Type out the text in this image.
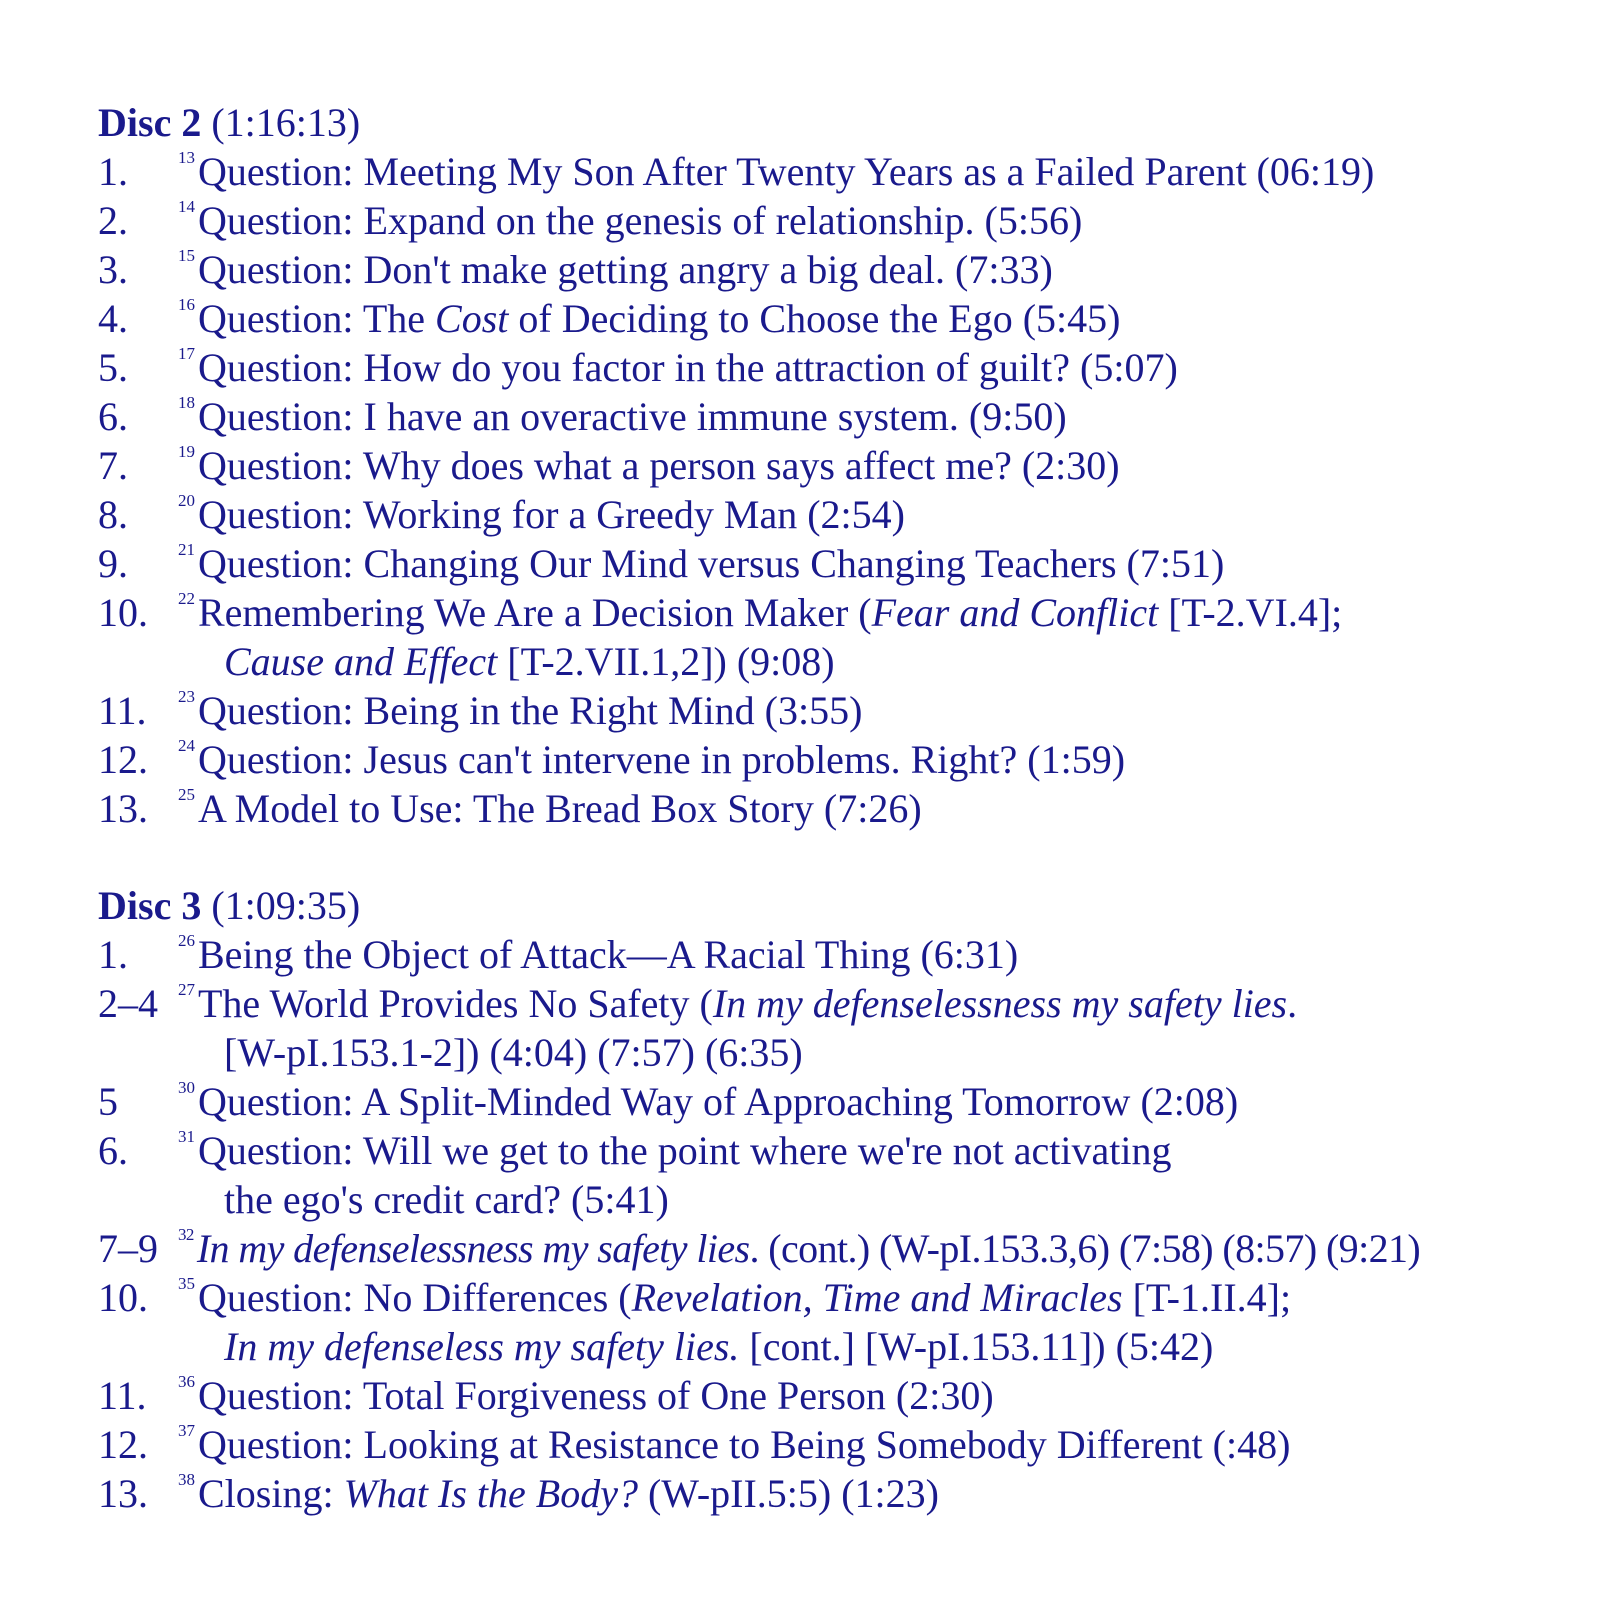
Disc 2 (1:16:13)
1.	$^{13}$Question: Meeting My Son After Twenty Years as a Failed Parent (06:19)
2.	$^{14}$Question: Expand on the genesis of relationship. (5:56)
3.	$^{15}$Question: Don't make getting angry a big deal. (7:33)
4.	$^{16}$Question: The Cost of Deciding to Choose the Ego (5:45)
5.	$^{17}$Question: How do you factor in the attraction of guilt? (5:07)
6.	$^{18}$Question: I have an overactive immune system. (9:50)
7.	$^{19}$Question: Why does what a person says affect me? (2:30)
8.	$^{20}$Question: Working for a Greedy Man (2:54)
9.	$^{21}$Question: Changing Our Mind versus Changing Teachers (7:51)
10.	$^{22}$Remembering We Are a Decision Maker (Fear and Conflict [T-2.VI.4];
Cause and Effect [T-2.VII.1,2]) (9:08)
11.	$^{23}$Question: Being in the Right Mind (3:55)
12.	$^{24}$Question: Jesus can't intervene in problems. Right? (1:59)
13.	$^{25}$A Model to Use: The Bread Box Story (7:26)
Disc 3 (1:09:35)
1.	$^{26}$Being the Object of Attack—A Racial Thing (6:31)
2–4	$^{27}$The World Provides No Safety (In my defenselessness my safety lies.
[W-pI.153.1-2]) (4:04) (7:57) (6:35)
5	$^{30}$Question: A Split-Minded Way of Approaching Tomorrow (2:08)
6.	$^{31}$Question: Will we get to the point where we're not activating
the ego's credit card? (5:41)
7–9	$^{32}$In my defenselessness my safety lies. (cont.) (W-pI.153.3,6) (7:58) (8:57) (9:21)
10.	$^{35}$Question: No Differences (Revelation, Time and Miracles [T-1.II.4];
In my defenseless my safety lies. [cont.] [W-pI.153.11]) (5:42)
11.	$^{36}$Question: Total Forgiveness of One Person (2:30)
12.	$^{37}$Question: Looking at Resistance to Being Somebody Different (:48)
13.	$^{38}$Closing: What Is the Body? (W-pII.5:5) (1:23)
